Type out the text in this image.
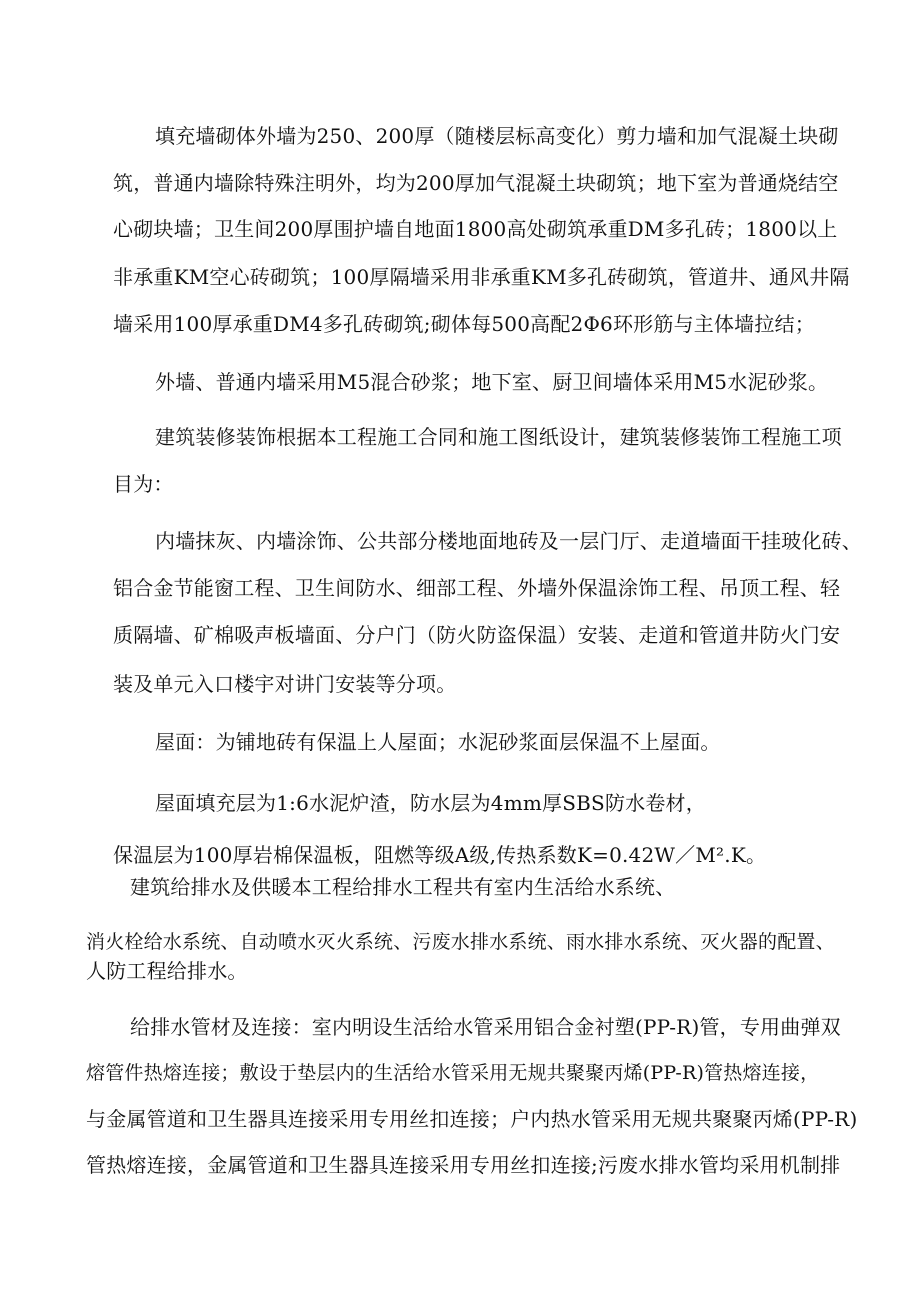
填充墙砌体外墙为250、200厚（随楼层标高变化）剪力墙和加气混凝土块砌
筑，普通内墙除特殊注明外，均为200厚加气混凝土块砌筑；地下室为普通烧结空
心砌块墙；卫生间200厚围护墙自地面1800高处砌筑承重DM多孔砖；1800以上
非承重KM空心砖砌筑；100厚隔墙采用非承重KM多孔砖砌筑，管道井、通风井隔
墙采用100厚承重DM4多孔砖砌筑;砌体每500高配2Φ6环形筋与主体墙拉结；
外墙、普通内墙采用M5混合砂浆；地下室、厨卫间墙体采用M5水泥砂浆。
建筑装修装饰根据本工程施工合同和施工图纸设计，建筑装修装饰工程施工项
目为：
内墙抹灰、内墙涂饰、公共部分楼地面地砖及一层门厅、走道墙面干挂玻化砖、
铝合金节能窗工程、卫生间防水、细部工程、外墙外保温涂饰工程、吊顶工程、轻
质隔墙、矿棉吸声板墙面、分户门（防火防盗保温）安装、走道和管道井防火门安
装及单元入口楼宇对讲门安装等分项。
屋面：为铺地砖有保温上人屋面；水泥砂浆面层保温不上屋面。
屋面填充层为1:6水泥炉渣，防水层为4mm厚SBS防水卷材，
保温层为100厚岩棉保温板，阻燃等级A级,传热系数K=0.42W／M².K。
建筑给排水及供暖本工程给排水工程共有室内生活给水系统、
消火栓给水系统、自动喷水灭火系统、污废水排水系统、雨水排水系统、灭火器的配置、
人防工程给排水。
给排水管材及连接：室内明设生活给水管采用铝合金衬塑(PP-R)管，专用曲弹双
熔管件热熔连接；敷设于垫层内的生活给水管采用无规共聚聚丙烯(PP-R)管热熔连接，
与金属管道和卫生器具连接采用专用丝扣连接；户内热水管采用无规共聚聚丙烯(PP-R)
管热熔连接，金属管道和卫生器具连接采用专用丝扣连接;污废水排水管均采用机制排
